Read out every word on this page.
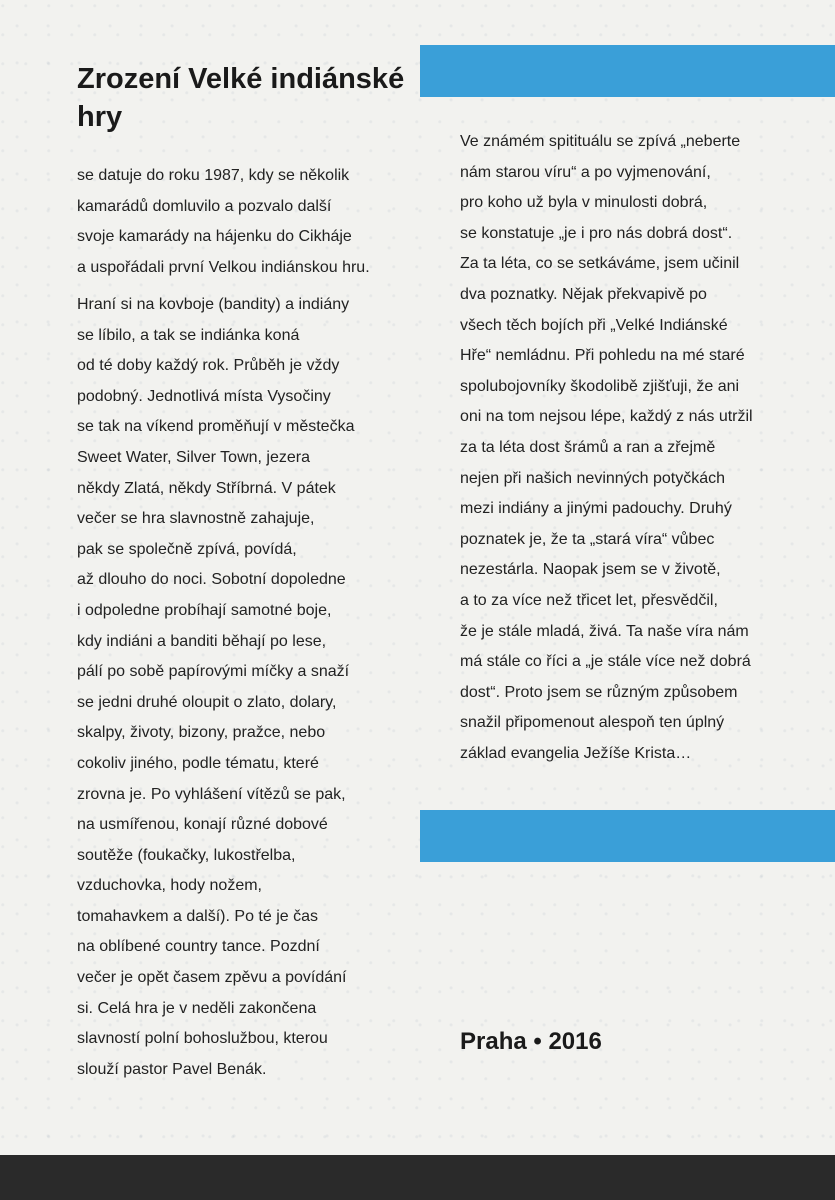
Zrození Velké indiánské hry
se datuje do roku 1987, kdy se několik
kamarádů domluvilo a pozvalo další
svoje kamarády na hájenku do Cikháje
a uspořádali první Velkou indiánskou hru.
Hraní si na kovboje (bandity) a indiány
se líbilo, a tak se indiánka koná
od té doby každý rok. Průběh je vždy
podobný. Jednotlivá místa Vysočiny
se tak na víkend proměňují v městečka
Sweet Water, Silver Town, jezera
někdy Zlatá, někdy Stříbrná. V pátek
večer se hra slavnostně zahajuje,
pak se společně zpívá, povídá,
až dlouho do noci. Sobotní dopoledne
i odpoledne probíhají samotné boje,
kdy indiáni a banditi běhají po lese,
pálí po sobě papírovými míčky a snaží
se jedni druhé oloupit o zlato, dolary,
skalpy, životy, bizony, pražce, nebo
cokoliv jiného, podle tématu, které
zrovna je. Po vyhlášení vítězů se pak,
na usmířenou, konají různé dobové
soutěže (foukačky, lukostřelba,
vzduchovka, hody nožem,
tomahavkem a další). Po té je čas
na oblíbené country tance. Pozdní
večer je opět časem zpěvu a povídání
si. Celá hra je v neděli zakončena
slavností polní bohoslužbou, kterou
slouží pastor Pavel Benák.
Ve známém spitituálu se zpívá „neberte
nám starou víru“ a po vyjmenování,
pro koho už byla v minulosti dobrá,
se konstatuje „je i pro nás dobrá dost“.
Za ta léta, co se setkáváme, jsem učinil
dva poznatky. Nějak překvapivě po
všech těch bojích při „Velké Indiánské
Hře“ nemládnu. Při pohledu na mé staré
spolubojovníky škodolibě zjišťuji, že ani
oni na tom nejsou lépe, každý z nás utržil
za ta léta dost šrámů a ran a zřejmě
nejen při našich nevinných potyčkách
mezi indiány a jinými padouchy. Druhý
poznatek je, že ta „stará víra“ vůbec
nezestárla. Naopak jsem se v životě,
a to za více než třicet let, přesvědčil,
že je stále mladá, živá. Ta naše víra nám
má stále co říci a „je stále více než dobrá
dost“. Proto jsem se různým způsobem
snažil připomenout alespoň ten úplný
základ evangelia Ježíše Krista…
Praha • 2016
